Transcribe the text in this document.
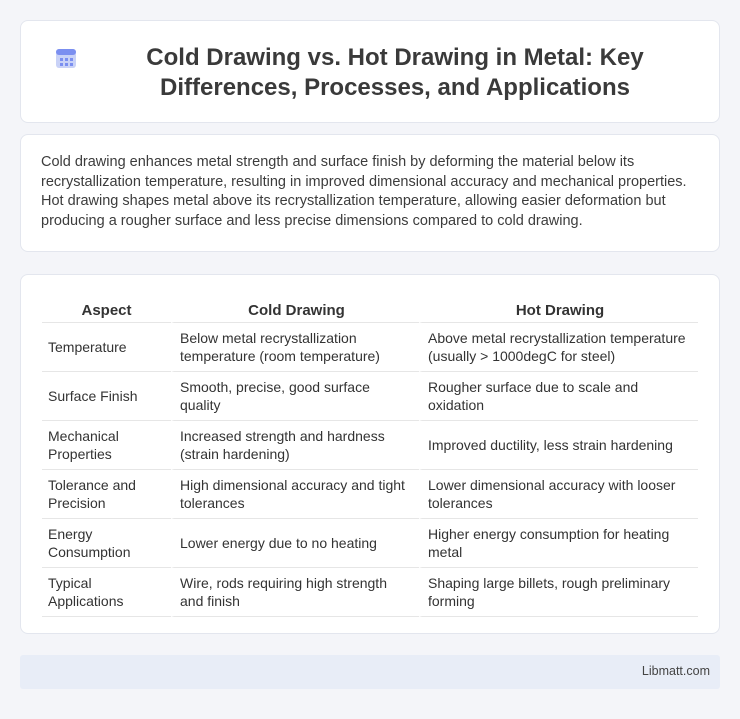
Cold Drawing vs. Hot Drawing in Metal: Key Differences, Processes, and Applications

Cold drawing enhances metal strength and surface finish by deforming the material below its recrystallization temperature, resulting in improved dimensional accuracy and mechanical properties. Hot drawing shapes metal above its recrystallization temperature, allowing easier deformation but producing a rougher surface and less precise dimensions compared to cold drawing.

Aspect	Cold Drawing	Hot Drawing
Temperature	Below metal recrystallization temperature (room temperature)	Above metal recrystallization temperature (usually > 1000degC for steel)
Surface Finish	Smooth, precise, good surface quality	Rougher surface due to scale and oxidation
Mechanical Properties	Increased strength and hardness (strain hardening)	Improved ductility, less strain hardening
Tolerance and Precision	High dimensional accuracy and tight tolerances	Lower dimensional accuracy with looser tolerances
Energy Consumption	Lower energy due to no heating	Higher energy consumption for heating metal
Typical Applications	Wire, rods requiring high strength and finish	Shaping large billets, rough preliminary forming
Libmatt.com
